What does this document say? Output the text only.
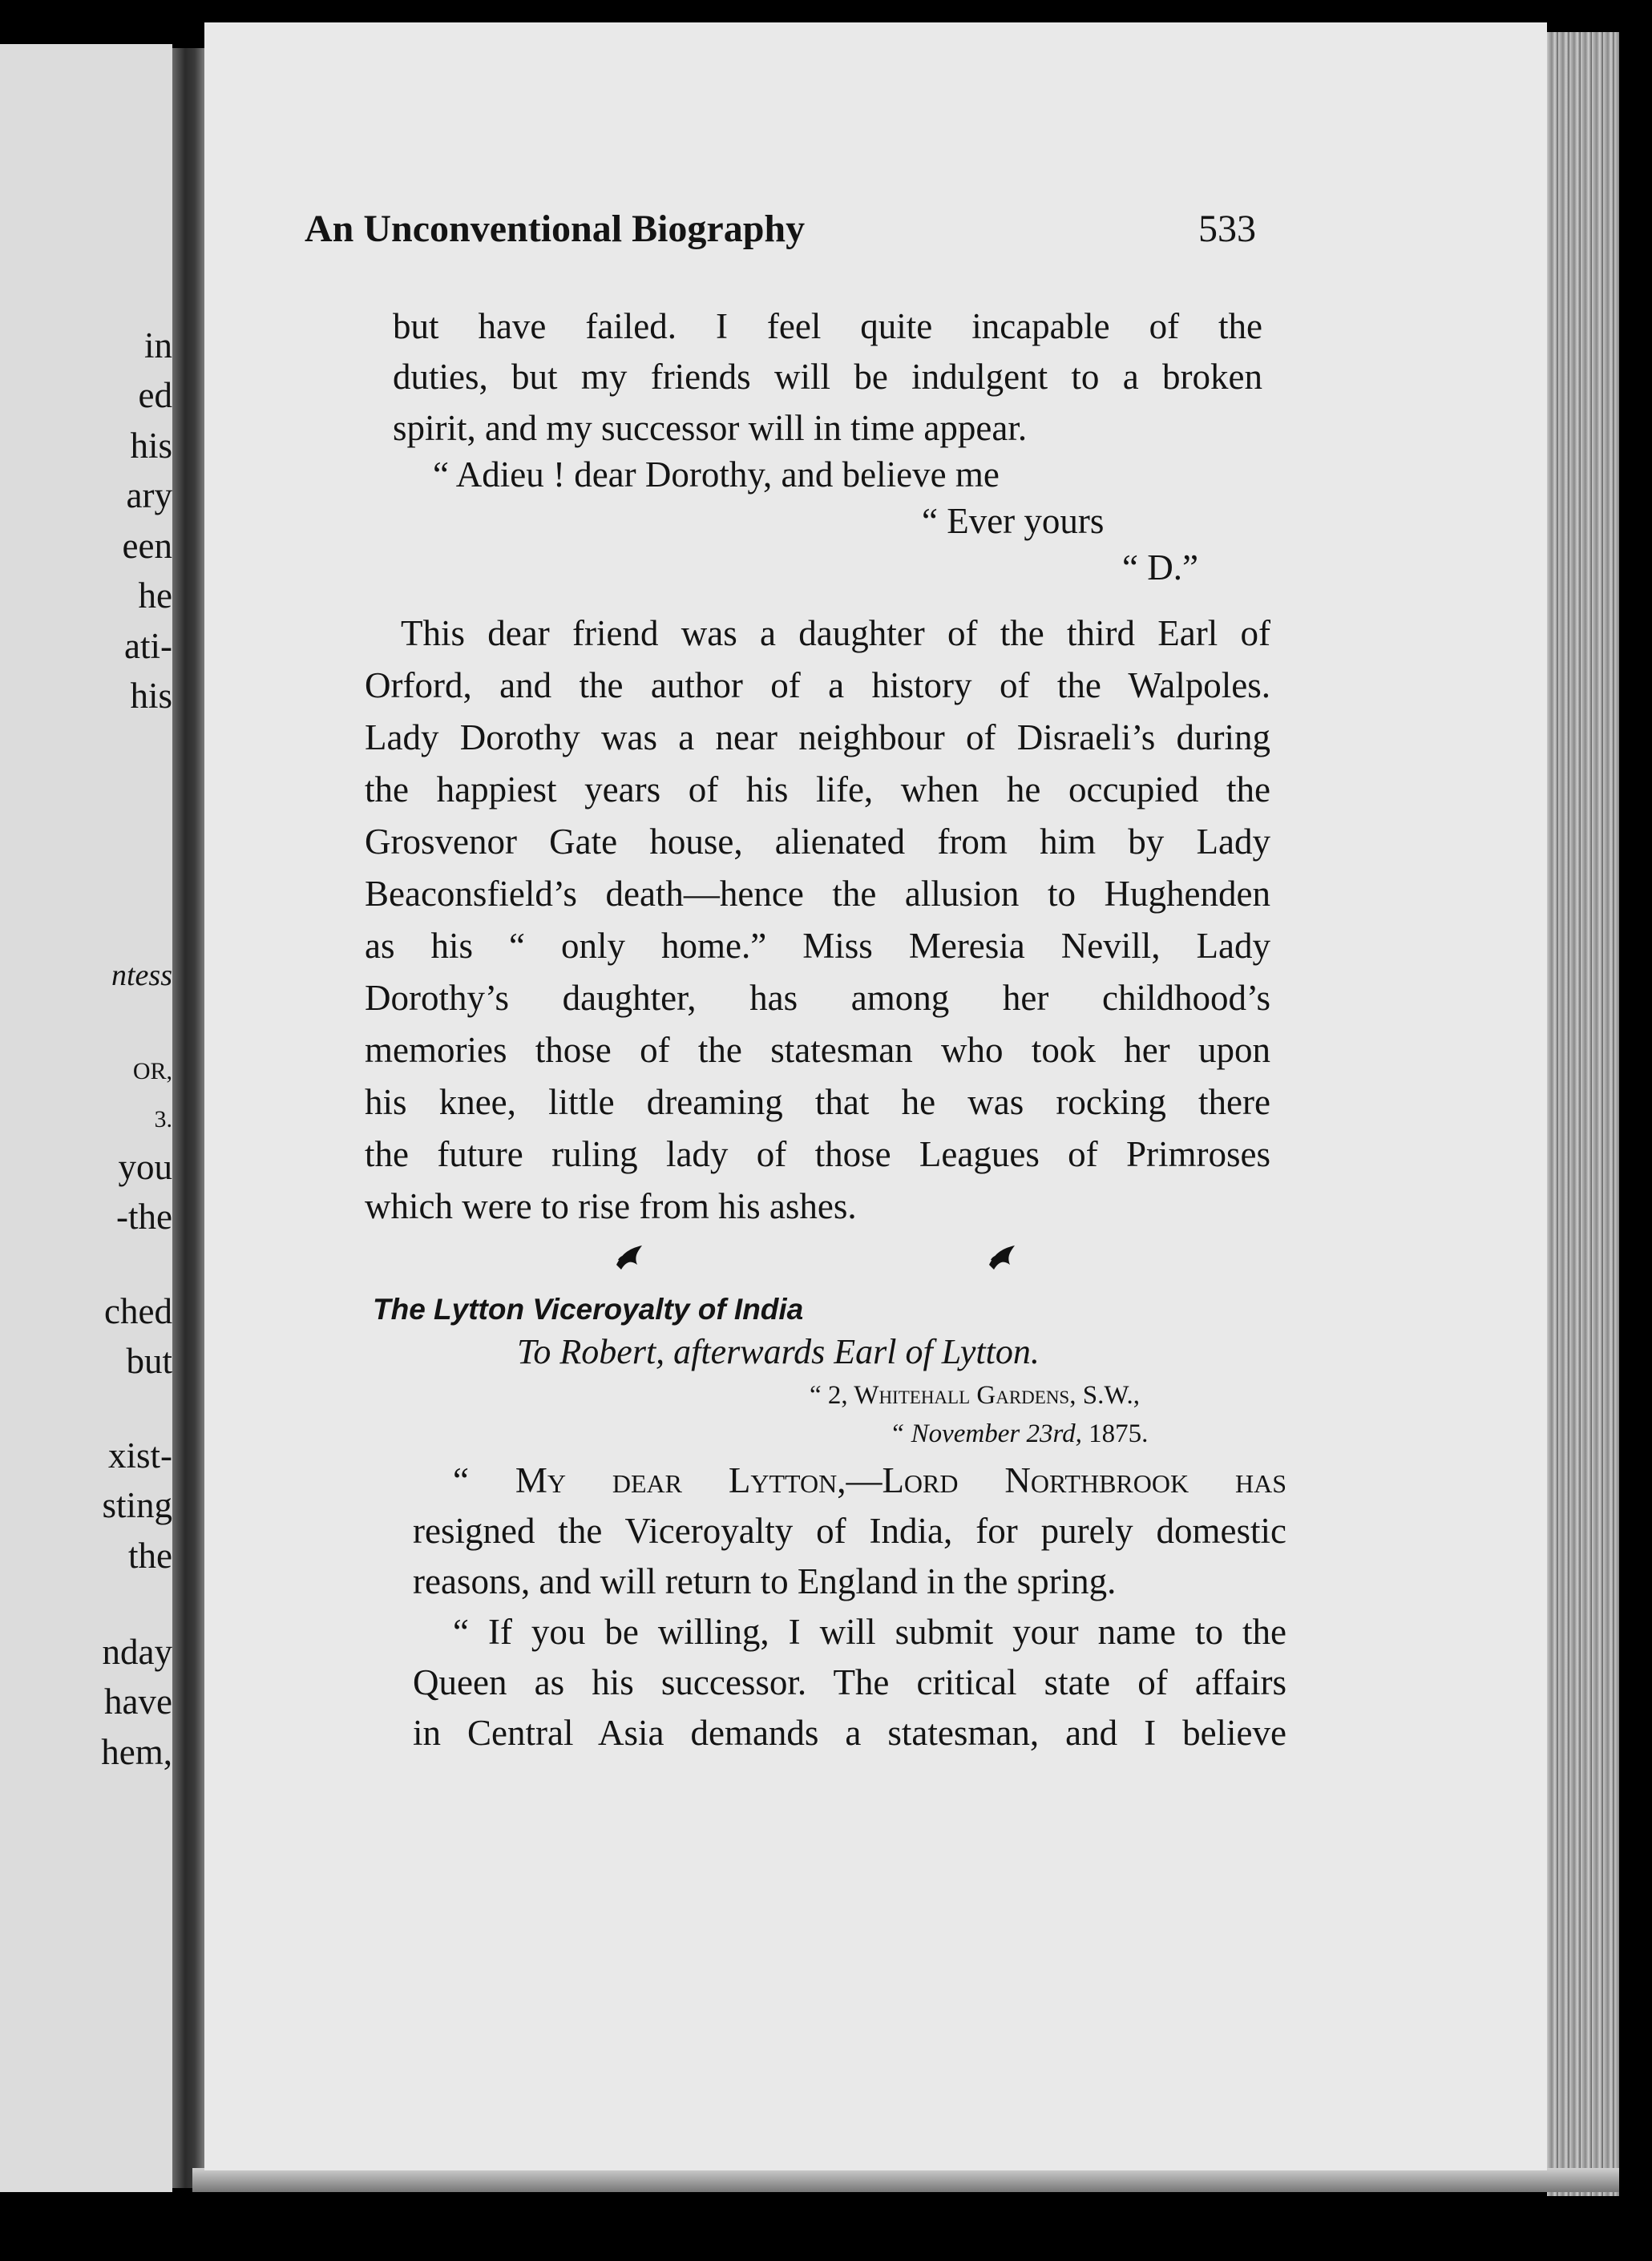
in
ed
his
ary
een
he
ati-
his
ntess
OR,
3.
you
-the
ched
but
xist-
sting
the
nday
have
hem,
An Unconventional Biography	533
but have failed. I feel quite incapable of the
duties, but my friends will be indulgent to a broken
spirit, and my successor will in time appear.
“ Adieu ! dear Dorothy, and believe me
“ Ever yours
“ D.”
This dear friend was a daughter of the third Earl of
Orford, and the author of a history of the Walpoles.
Lady Dorothy was a near neighbour of Disraeli’s during
the happiest years of his life, when he occupied the
Grosvenor Gate house, alienated from him by Lady
Beaconsfield’s death—hence the allusion to Hughenden
as his “ only home.” Miss Meresia Nevill, Lady
Dorothy’s daughter, has among her childhood’s
memories those of the statesman who took her upon
his knee, little dreaming that he was rocking there
the future ruling lady of those Leagues of Primroses
which were to rise from his ashes.
The Lytton Viceroyalty of India
To Robert, afterwards Earl of Lytton.
“ 2, Whitehall Gardens, S.W.,
“ November 23rd, 1875.
“ My dear Lytton,—Lord Northbrook has
resigned the Viceroyalty of India, for purely domestic
reasons, and will return to England in the spring.
“ If you be willing, I will submit your name to the
Queen as his successor. The critical state of affairs
in Central Asia demands a statesman, and I believe
